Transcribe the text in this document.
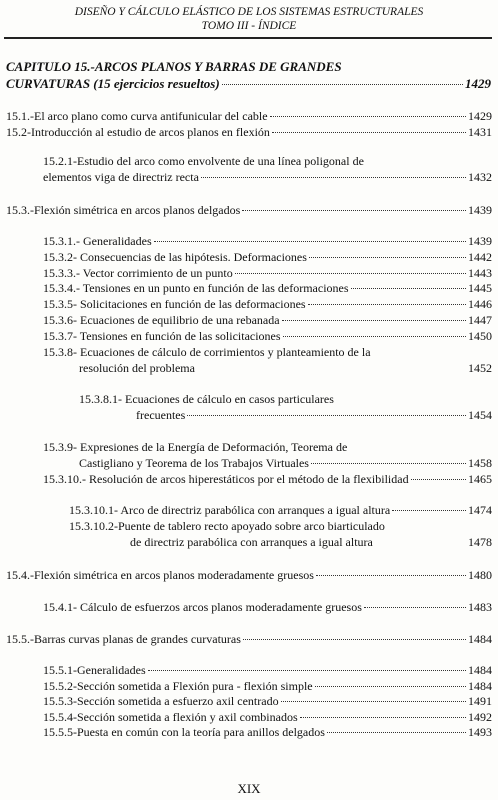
DISEÑO Y CÁLCULO ELÁSTICO DE LOS SISTEMAS ESTRUCTURALES
TOMO III - ÍNDICE
CAPITULO 15.-ARCOS PLANOS Y BARRAS DE GRANDES
CURVATURAS (15 ejercicios resueltos)	1429
15.1.-El arco plano como curva antifunicular del cable	1429
15.2-Introducción al estudio de arcos planos en flexión	1431
15.2.1-Estudio del arco como envolvente de una línea poligonal de
elementos viga de directriz recta	1432
15.3.-Flexión simétrica en arcos planos delgados	1439
15.3.1.- Generalidades	1439
15.3.2- Consecuencias de las hipótesis. Deformaciones	1442
15.3.3.- Vector corrimiento de un punto	1443
15.3.4.- Tensiones en un punto en función de las deformaciones	1445
15.3.5- Solicitaciones en función de las deformaciones	1446
15.3.6- Ecuaciones de equilibrio de una rebanada	1447
15.3.7- Tensiones en función de las solicitaciones	1450
15.3.8- Ecuaciones de cálculo de corrimientos y planteamiento de la
resolución del problema	1452
15.3.8.1- Ecuaciones de cálculo en casos particulares
frecuentes	1454
15.3.9- Expresiones de la Energía de Deformación, Teorema de
Castigliano y Teorema de los Trabajos Virtuales	1458
15.3.10.- Resolución de arcos hiperestáticos por el método de la flexibilidad	1465
15.3.10.1- Arco de directriz parabólica con arranques a igual altura	1474
15.3.10.2-Puente de tablero recto apoyado sobre arco biarticulado
de directriz parabólica con arranques a igual altura	1478
15.4.-Flexión simétrica en arcos planos moderadamente gruesos	1480
15.4.1- Cálculo de esfuerzos arcos planos moderadamente gruesos	1483
15.5.-Barras curvas planas de grandes curvaturas	1484
15.5.1-Generalidades	1484
15.5.2-Sección sometida a Flexión pura - flexión simple	1484
15.5.3-Sección sometida a esfuerzo axil centrado	1491
15.5.4-Sección sometida a flexión y axil combinados	1492
15.5.5-Puesta en común con la teoría para anillos delgados	1493
XIX
